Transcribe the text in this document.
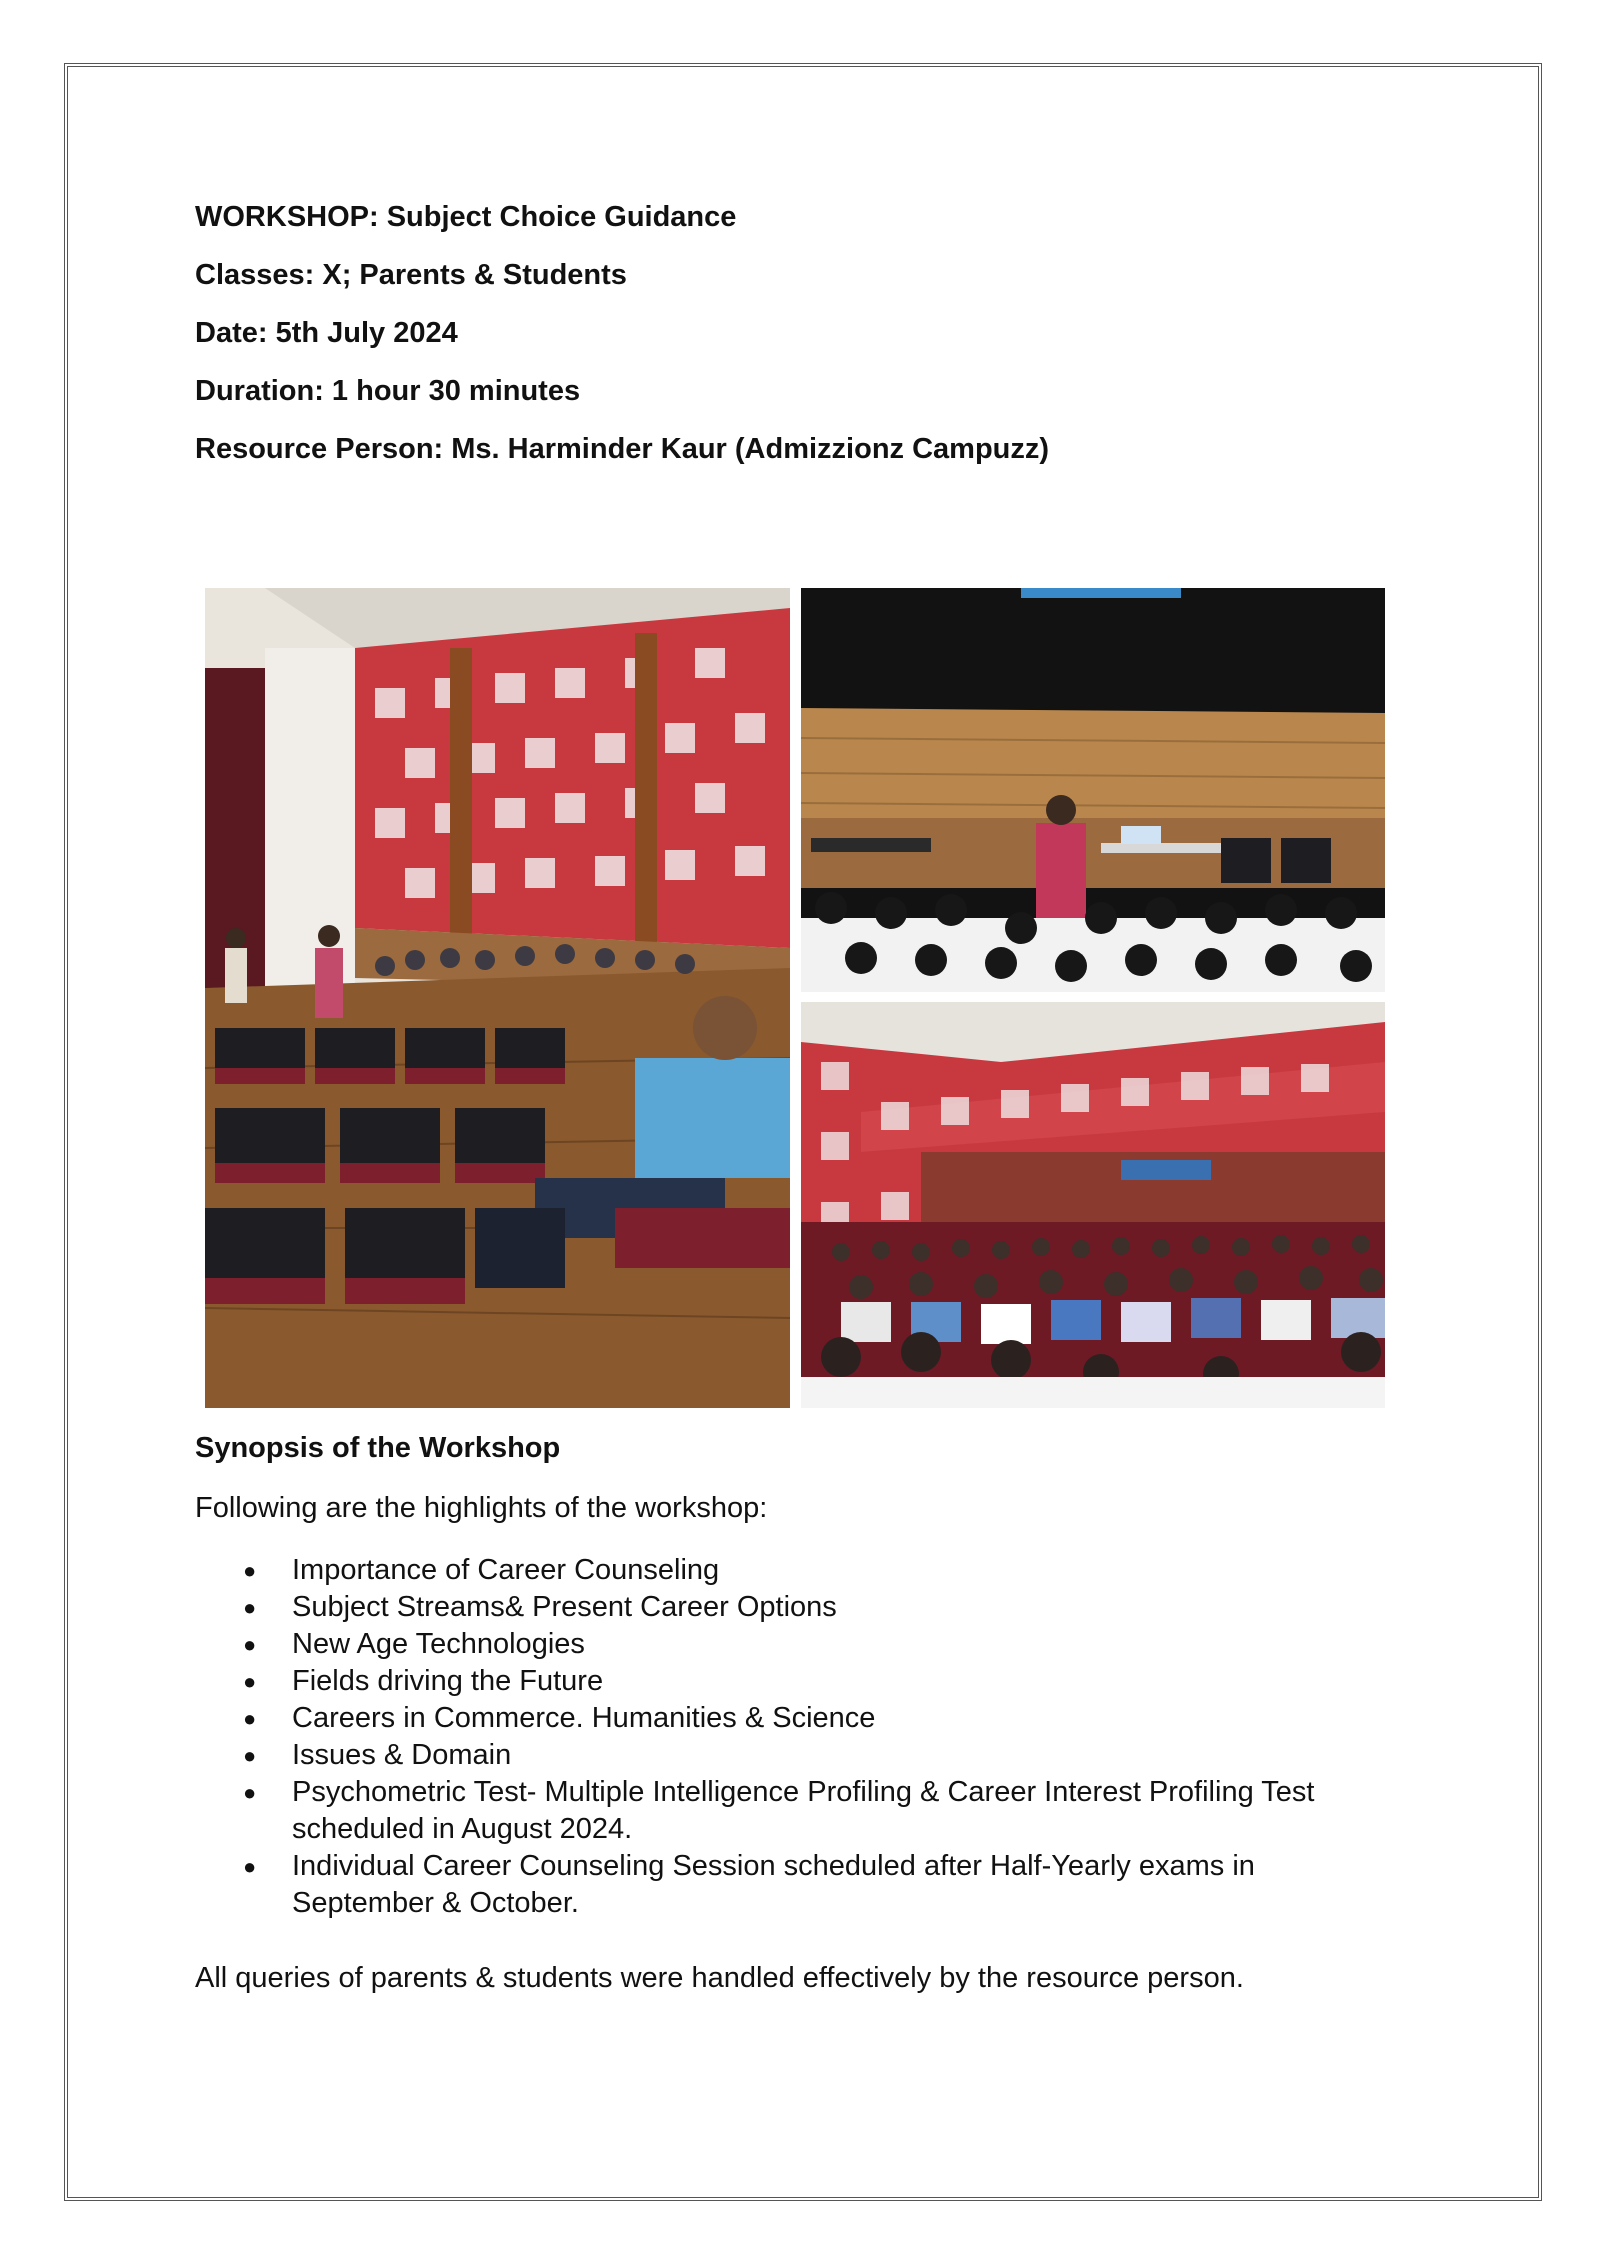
WORKSHOP: Subject Choice Guidance
Classes: X; Parents & Students
Date: 5th July 2024
Duration: 1 hour 30 minutes
Resource Person: Ms. Harminder Kaur (Admizzionz Campuzz)
Synopsis of the Workshop
Following are the highlights of the workshop:
● Importance of Career Counseling
● Subject Streams& Present Career Options
● New Age Technologies
● Fields driving the Future
● Careers in Commerce. Humanities & Science
● Issues & Domain
● Psychometric Test- Multiple Intelligence Profiling & Career Interest Profiling Test scheduled in August 2024.
● Individual Career Counseling Session scheduled after Half-Yearly exams in September & October.
All queries of parents & students were handled effectively by the resource person.
